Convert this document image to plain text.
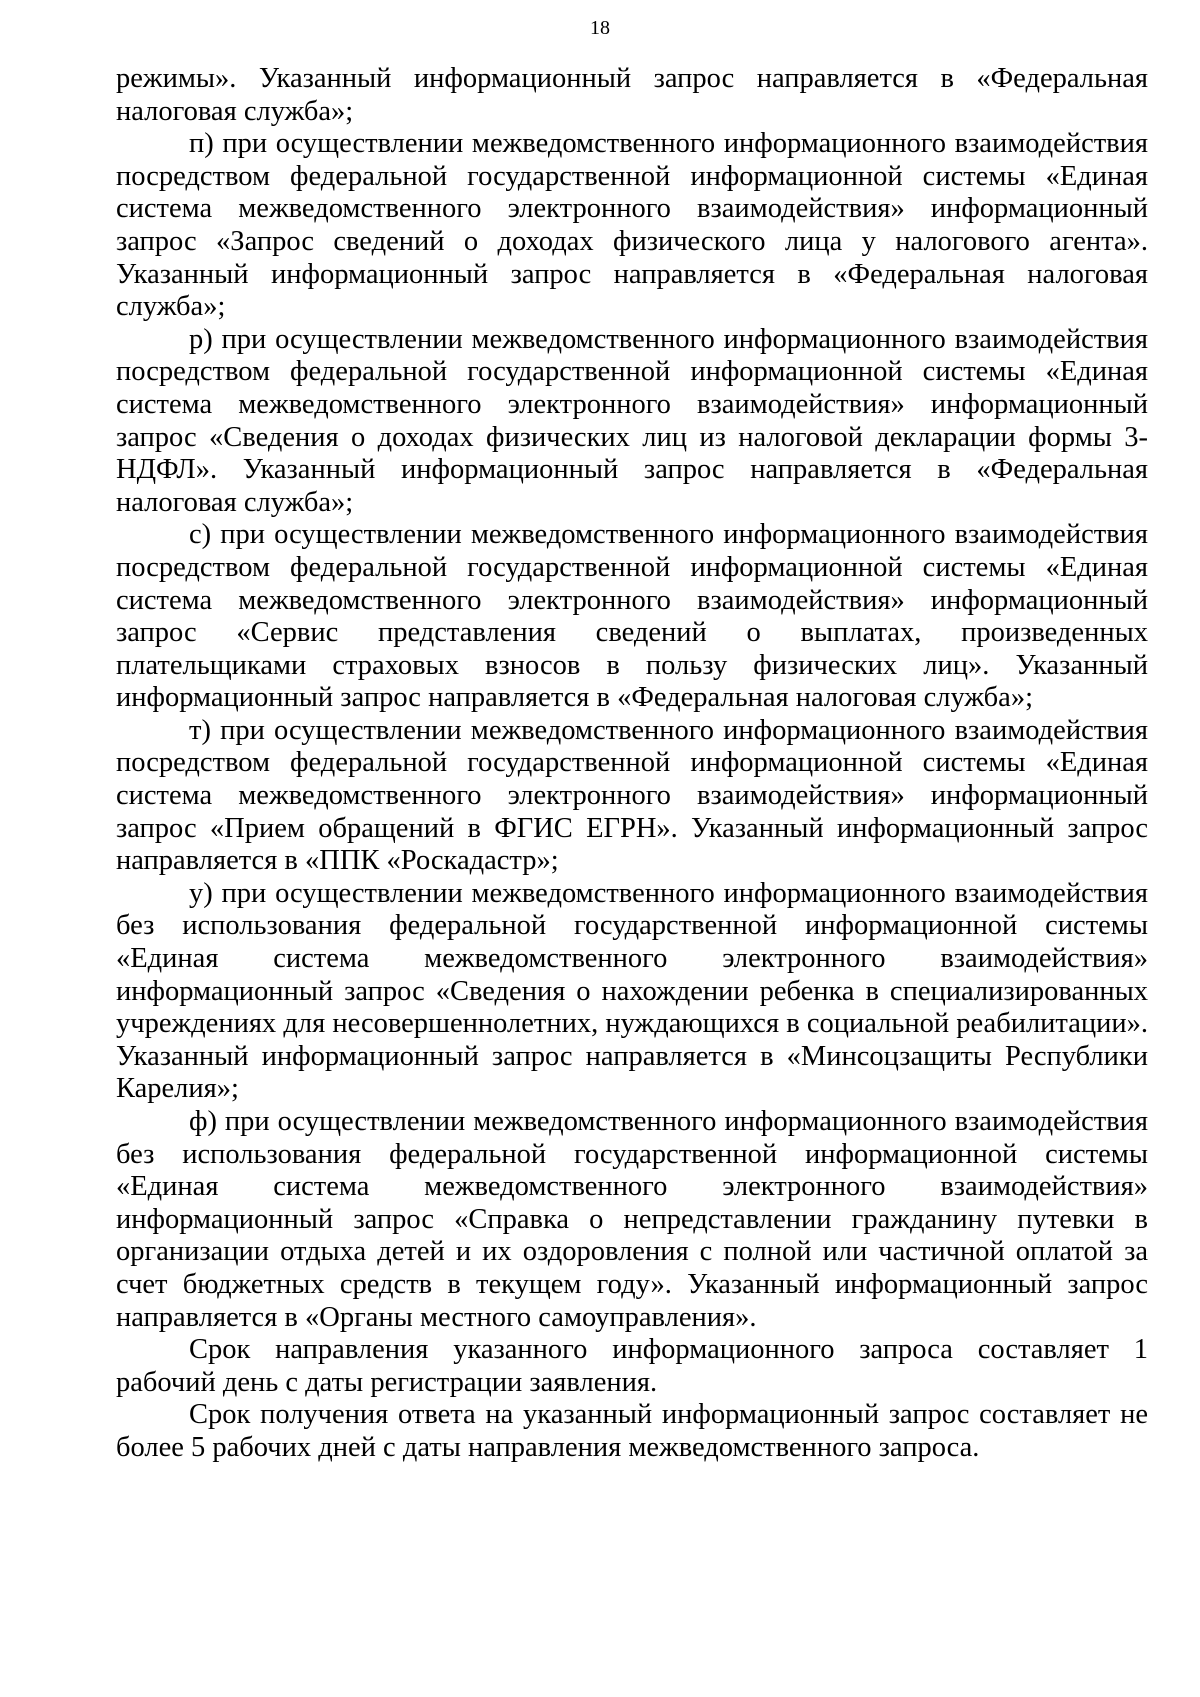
18

режимы». Указанный информационный запрос направляется в «Федеральная налоговая служба»;

п) при осуществлении межведомственного информационного взаимодействия посредством федеральной государственной информационной системы «Единая система межведомственного электронного взаимодействия» информационный запрос «Запрос сведений о доходах физического лица у налогового агента». Указанный информационный запрос направляется в «Федеральная налоговая служба»;

р) при осуществлении межведомственного информационного взаимодействия посредством федеральной государственной информационной системы «Единая система межведомственного электронного взаимодействия» информационный запрос «Сведения о доходах физических лиц из налоговой декларации формы 3-НДФЛ». Указанный информационный запрос направляется в «Федеральная налоговая служба»;

с) при осуществлении межведомственного информационного взаимодействия посредством федеральной государственной информационной системы «Единая система межведомственного электронного взаимодействия» информационный запрос «Сервис представления сведений о выплатах, произведенных плательщиками страховых взносов в пользу физических лиц». Указанный информационный запрос направляется в «Федеральная налоговая служба»;

т) при осуществлении межведомственного информационного взаимодействия посредством федеральной государственной информационной системы «Единая система межведомственного электронного взаимодействия» информационный запрос «Прием обращений в ФГИС ЕГРН». Указанный информационный запрос направляется в «ППК «Роскадастр»;

у) при осуществлении межведомственного информационного взаимодействия без использования федеральной государственной информационной системы «Единая система межведомственного электронного взаимодействия» информационный запрос «Сведения о нахождении ребенка в специализированных учреждениях для несовершеннолетних, нуждающихся в социальной реабилитации». Указанный информационный запрос направляется в «Минсоцзащиты Республики Карелия»;

ф) при осуществлении межведомственного информационного взаимодействия без использования федеральной государственной информационной системы «Единая система межведомственного электронного взаимодействия» информационный запрос «Справка о непредставлении гражданину путевки в организации отдыха детей и их оздоровления с полной или частичной оплатой за счет бюджетных средств в текущем году». Указанный информационный запрос направляется в «Органы местного самоуправления».

Срок направления указанного информационного запроса составляет 1 рабочий день с даты регистрации заявления.

Срок получения ответа на указанный информационный запрос составляет не более 5 рабочих дней с даты направления межведомственного запроса.
